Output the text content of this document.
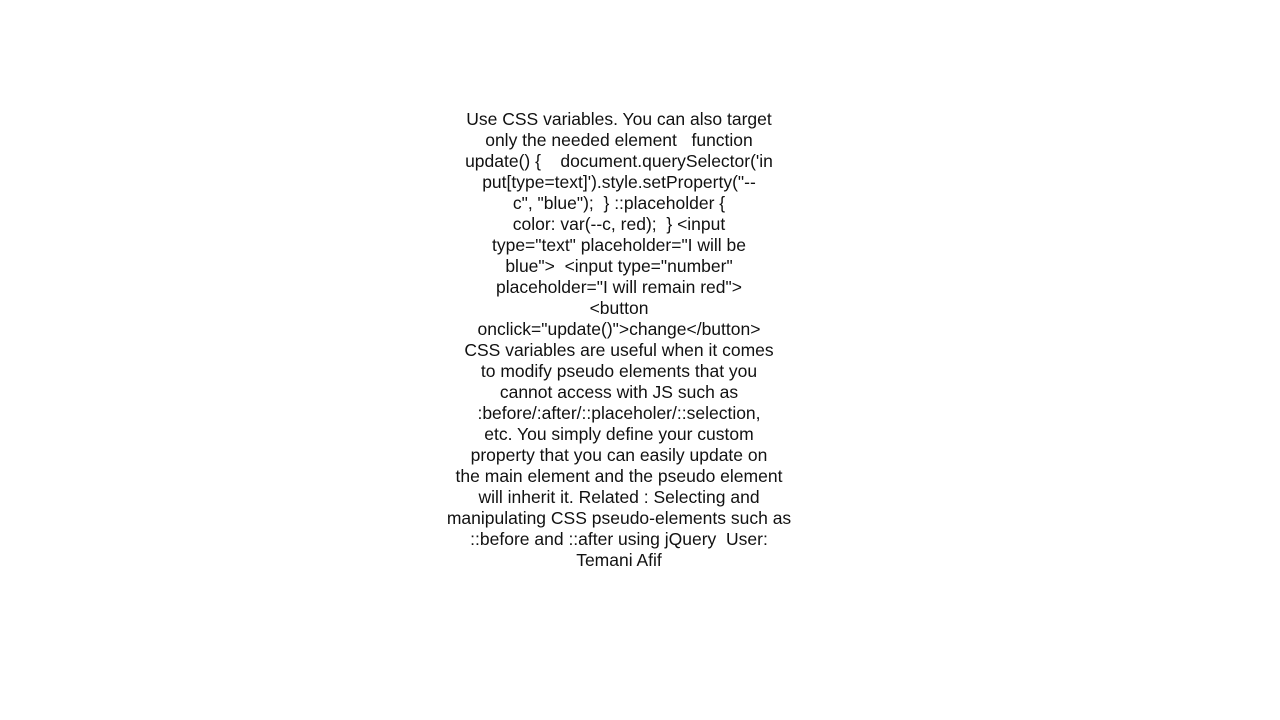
Use CSS variables. You can also target
only the needed element   function
update() {    document.querySelector('in
put[type=text]').style.setProperty("--
c", "blue");  } ::placeholder {
color: var(--c, red);  } <input
type="text" placeholder="I will be
blue">  <input type="number"
placeholder="I will remain red">
<button
onclick="update()">change</button>
CSS variables are useful when it comes
to modify pseudo elements that you
cannot access with JS such as
:before/:after/::placeholer/::selection,
etc. You simply define your custom
property that you can easily update on
the main element and the pseudo element
will inherit it. Related : Selecting and
manipulating CSS pseudo-elements such as
::before and ::after using jQuery  User:
Temani Afif
